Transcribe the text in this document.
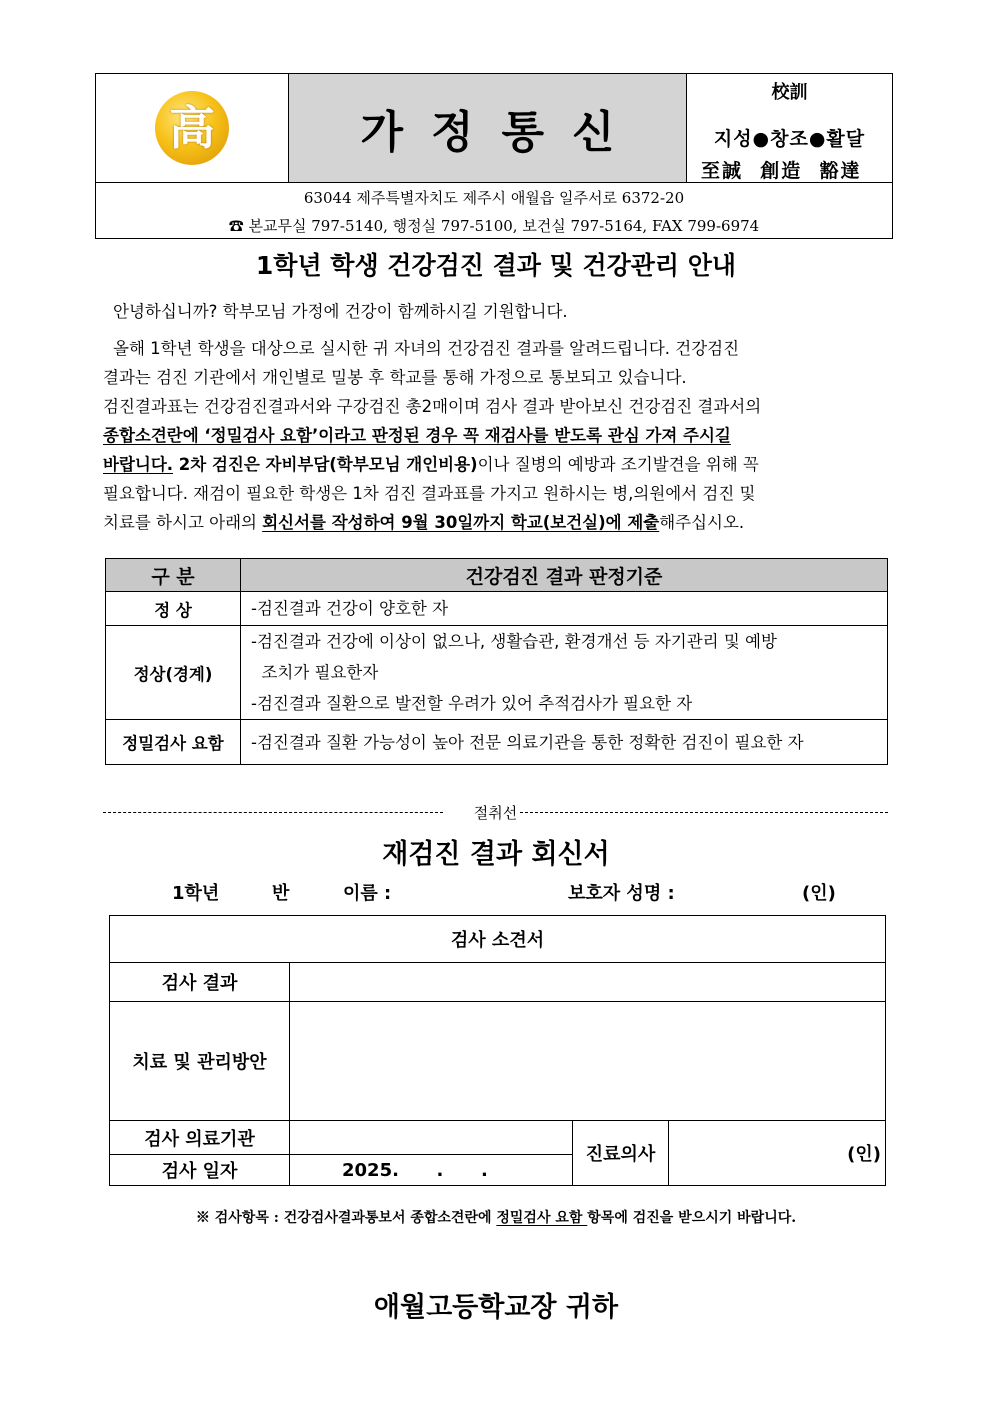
高	가정통신
校訓
지성●창조●활달
至誠  創造  豁達
63044 제주특별자치도 제주시 애월읍 일주서로 6372-20
☎ 본교무실 797-5140, 행정실 797-5100, 보건실 797-5164, FAX 799-6974
1학년 학생 건강검진 결과 및 건강관리 안내
안녕하십니까? 학부모님 가정에 건강이 함께하시길 기원합니다.
올해 1학년 학생을 대상으로 실시한 귀 자녀의 건강검진 결과를 알려드립니다. 건강검진
결과는 검진 기관에서 개인별로 밀봉 후 학교를 통해 가정으로 통보되고 있습니다.
검진결과표는 건강검진결과서와 구강검진 총2매이며 검사 결과 받아보신 건강검진 결과서의
종합소견란에 ‘정밀검사 요함’이라고 판정된 경우 꼭 재검사를 받도록 관심 가져 주시길
바랍니다. 2차 검진은 자비부담(학부모님 개인비용)이나 질병의 예방과 조기발견을 위해 꼭
필요합니다. 재검이 필요한 학생은 1차 검진 결과표를 가지고 원하시는 병,의원에서 검진 및
치료를 하시고 아래의 회신서를 작성하여 9월 30일까지 학교(보건실)에 제출해주십시오.
구 분	건강검진 결과 판정기준
정 상	-검진결과 건강이 양호한 자

정상(경계)	-검진결과 건강에 이상이 없으나, 생활습관, 환경개선 등 자기관리 및 예방
조치가 필요한자
-검진결과 질환으로 발전할 우려가 있어 추적검사가 필요한 자

정밀검사 요함	-검진결과 질환 가능성이 높아 전문 의료기관을 통한 정확한 검진이 필요한 자
절취선
재검진 결과 회신서
1학년	반	이름 :	보호자 성명 :	(인)
검사 소견서			
검사 결과			
치료 및 관리방안			
검사 의료기관		진료의사	(인)
검사 일자	2025.      .      .		
※ 검사항목 : 건강검사결과통보서 종합소견란에 정밀검사 요함 항목에 검진을 받으시기 바랍니다.
애월고등학교장 귀하
